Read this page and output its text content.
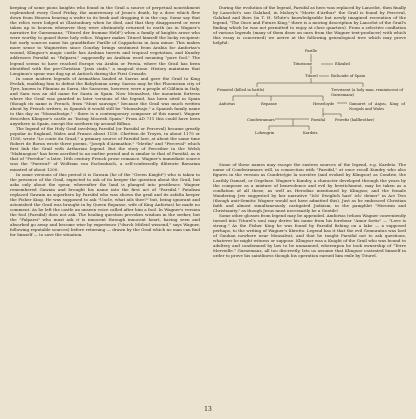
keeping of some pious knights who found in the Grail a source of perpetual nourishment replenished every Good Friday, the anniversary of Jesus's death, by a dove which flew down from Heaven bearing a wafer in its beak and dropping it in the cup. Some say that the relics were lodged at Glastonbury when he died, and that they disappeared or were taken up to heaven whenever they were obstinately returned to earth (as in Wagner's narrative for Gurnemanz, "Titurel der fromme Held") when a family of knights arose who were worthy to guard these holy relics. Wagner makes Titurel himself the lucky recipient: but early sources name his grandfather Parille of Cappadocia in Asia minor. This makes more sense to Wagnerites since Gourlay brings sentiment from Arabia for Amfortas's wound, Klingsor's magic castle has Arabian turrets and tropical vegetation, and Kundry addresses Parsifal as "Falparsi," supposedly an Arabian word meaning "pure fool." The legend seems to have reached Europe via Arabia or Persia, where the Grail has been identified with the pre-Christian "Jasis cinfa," a magical stone. History maintains that Longinus's spear was dug up at Antioch during the First Crusade.

In some modern legends of Arimathea landed at Sarras and gave the Grail to King Evelak, enabling him to defeat the Babylonian army. Sarras may be the Phoenician city of Tyre, known to Plinnius as Sarra, the Saracens, however, were a people of Cililinia in Italy, and Sara was an old name for Santa in Spain. Now Monsalvat, the mountain fortress where the Grail was guarded in later versions of the legend, has been sited in Spain (though its name is French, from "Mont sauvage," because the Grail was much written about by French writers, in Spanish it would still be "Monsalvaje," a Spanish family name to this day as "Monsalvatge," - there is a contemporary composer of this name). Wagner describes Klingsor's castle as "facing Moorish Spain." From AD 711 this could have been anywhere in Spain, except the northern tip around Bilbao.

The legend of the Holy Grail involving Parsifal (or Parsifal or Perceval) became greatly popular in England, Wales and France about 1150. Chrétien de Troyes, in about 1175 or 1180, wrote "Le conte du Graal," a primary source of Parsifal lore, at about the same time Robert de Boron wrote three poems, "Joseph d'Arimathie," "Merlin" and "Perceval" which first link the Grail with Arthurian legend. But the story of Perceiber in the Welsh "Mabinogion" has been ascribed to an earlier period and is similar to that of Parsifal, as is that of "Peredur" a later, 16th century French prose romance. Wagner's immediate source was the "Parzival" of Wolfram von Eschenbach, a self-confessedly illiterate Bavarian minstrel of about 1200.

In some versions of this period it is Gawain (he of the "Green Knight") who is taken to the presence of the Grail, expected to ask of its keeper the question about the Grail, but asks only about the spear, whereafter the land is plunged into pestilence. Wagner remembered Gawain and brought his name into the first act of "Parsifal." Fatalism replaced Gawain as superhero by Parsifal who was shown the grail and its asfalta keeper the Fisher King. He was supposed to ask "Uncle, what ails thee?" but, being ignorant and astonished the Grail was brought in by Queen Repanse, wife of King Anfortas) he made no comment. As he left the castle an unseen voice called after him a fool. In Wagner's version the fool (Parsifal) does not ask. The healing question provokes wisdom in the seeker, but the "Falparsi" who must ask it is innocent through innocent heart, having seen and absorbed go away and become wise by experience ("durch Mitleid wissend," says Wagner, following reputable sources) before returning — drawn by the Grail which no man can find for himself — to save the situation.

During the evolution of the legend, Parsifal as hero was replaced by Lancelot, then finally by Lancelot's son Galahad, in Malory's "Morte d'Arthur" the Grail is found by Perceval, Galahad and Bors (in T. H. White's knowledgeable but newly imagined recreation of the legend, "The Once and Future King," there is a moving description by Lancelot of the Grail's finding which he was not permitted to enjoy at close quarters). From a selective conflation of various legends (many of them draw on ones from the Wagner text-producer) with which this essay is concerned) we arrive at the following genealogical tree which may prove helpful:

Parille
Titurisone	Elizabel
Titurel	Richoude of Spain
Frimutel (killed in battle)	Trevrizent (a holy man, reminiscent of Gurnemanz)
Anfortas	Repanse	Herzeloyde	Gamuret of Anjou, King of Norgals and Wales
Condwiramurs	Parsifal	Feirefiz (halfbrother)
Lohengrin	Kardeiz

Some of these names may escape the eastern sources of the legend, e.g. Kardeiz. The name of Condwiramurs will, in connection with "Parsifal," at once recall Kundry who also figures in the version as Cundrie(gie la sorcière (and evoked by Klingsor) as Condrie, the Loathly Damsel, or Orgeluse. Wagner's Kundry, a character developed through the years by the composer as a mixture of benevolence and evil by bewitchment, may be taken as a conflation of all these, as well as Herodias mentioned by Klingsor, and the female Wandering Jew suggested by her narrative "Ich! Ewiglich hast' ich' deiner" in Act Two (though anti-Semitic Wagner would not have admitted this). Just as he embraced Christian faith and almost simultaneously castigated Judaism, in the pamphlet "Heroism and Christianity," as though Jesus must necessarily be a Gentile!

Some other glosses from legend may be appended. Amfortas (whom Wagner conveniently turned into Titurel's son) may derive his name from his forebear "Amor fortis" — "Love is strong." As the Fisher King he was found by Parsifal fishing on a lake — a supposed perhaps, to the writing of Wagner's libretto. Legend has it that the evil Gemuratus was lord of Gauhan nowhere near Monsalvat, and that he taught Parsifal not to ask questions, whatever he might witness or suppose. Klingsor was a Knight of the Grail who was bound to adultery and condemned by law to be unmanned, whereupon he took ownership of "Terre Merveille." Gurnemanz, all too discreetly, lets us assume that Klingsor castrated himself in order to prove his saintliness though his operation earned him exile by Titurel.

13
